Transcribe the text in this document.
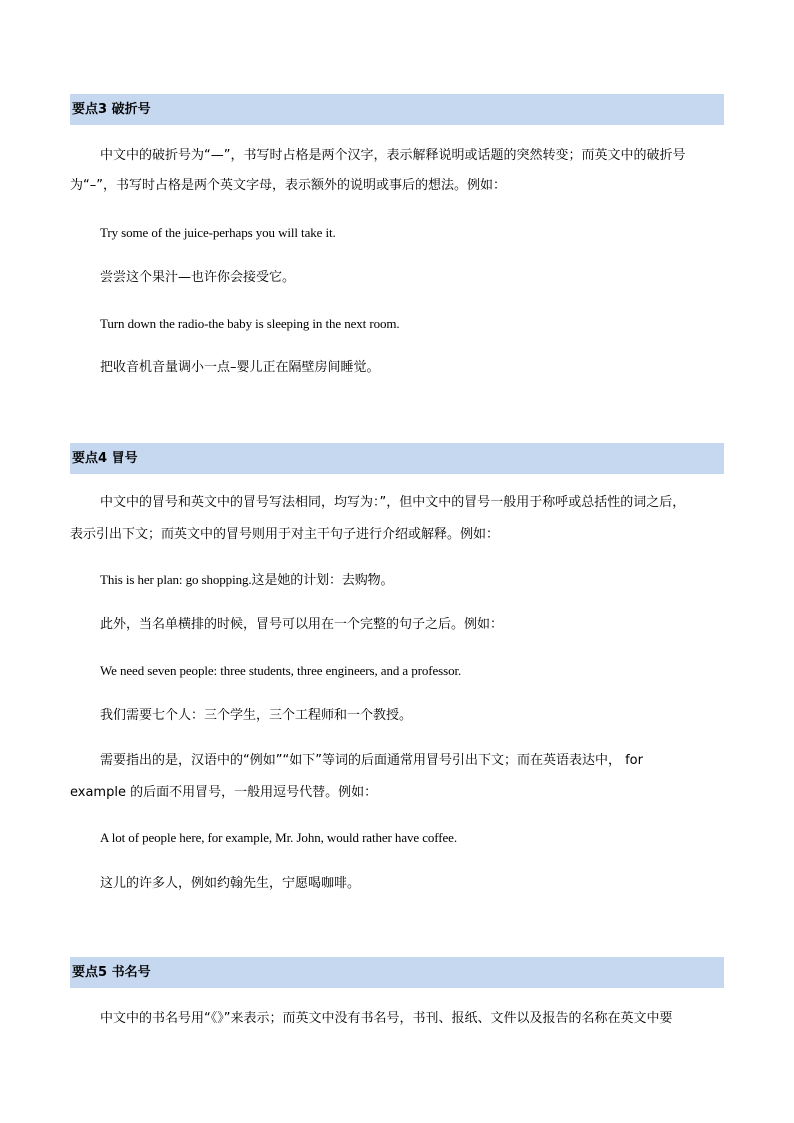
要点3 破折号
中文中的破折号为“—”，书写时占格是两个汉字，表示解释说明或话题的突然转变；而英文中的破折号
为“–”，书写时占格是两个英文字母，表示额外的说明或事后的想法。例如：
Try some of the juice-perhaps you will take it.
尝尝这个果汁—也许你会接受它。
Turn down the radio-the baby is sleeping in the next room.
把收音机音量调小一点–婴儿正在隔壁房间睡觉。
要点4 冒号
中文中的冒号和英文中的冒号写法相同，均写为：”，但中文中的冒号一般用于称呼或总括性的词之后，
表示引出下文；而英文中的冒号则用于对主干句子进行介绍或解释。例如：
This is her plan: go shopping.这是她的计划：去购物。
此外，当名单横排的时候，冒号可以用在一个完整的句子之后。例如：
We need seven people: three students, three engineers, and a professor.
我们需要七个人：三个学生，三个工程师和一个教授。
需要指出的是，汉语中的“例如”“如下”等词的后面通常用冒号引出下文；而在英语表达中， for
example 的后面不用冒号，一般用逗号代替。例如：
A lot of people here, for example, Mr. John, would rather have coffee.
这儿的许多人，例如约翰先生，宁愿喝咖啡。
要点5 书名号
中文中的书名号用“《》”来表示；而英文中没有书名号，书刊、报纸、文件以及报告的名称在英文中要
